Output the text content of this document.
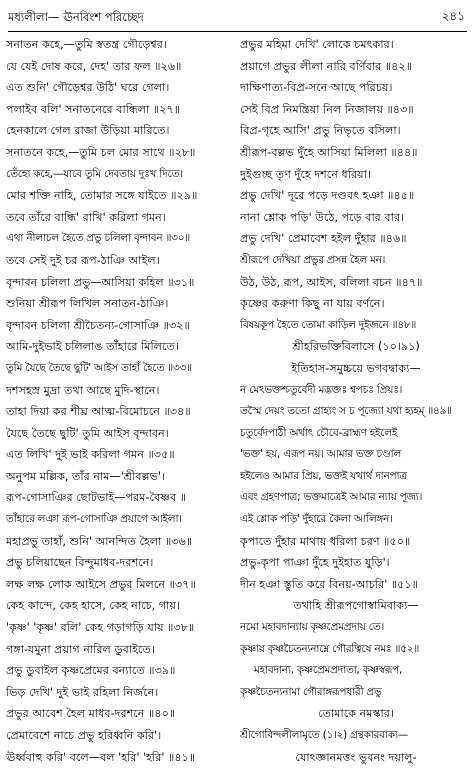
মধ্যলীলা— ঊনবিংশ পরিচ্ছেদ	২৪১
সনাতন কহে,—তুমি স্বতন্ত্র গৌড়েশ্বর।
যে যেই দোষ করে, দেহ' তার ফল ॥২৬॥
এত শুনি' গৌড়েশ্বর উঠি' ঘরে গেলা।
পলাইব বলি' সনাতনেরে বান্ধিলা ॥২৭॥
হেনকালে গেল রাজা উড়িয়া মারিতে।
সনাতনে কহে,—তুমি চল মোর সাথে ॥২৮॥
তেঁহো কহে,—যাবে তুমি দেবতায় দুঃখ দিতে।
মোর শক্তি নাহি, তোমার সঙ্গে যাইতে ॥২৯॥
তবে তাঁরে বান্ধি' রাখি' করিলা গমন।
এথা নীলাচল হৈতে প্রভু চলিলা বৃন্দাবন ॥৩০॥
তবে সেই দুই চর রূপ-ঠাঞি আইল।
বৃন্দাবন চলিলা প্রভু—আসিয়া কহিল ॥৩১॥
শুনিয়া শ্রীরূপ লিখিল সনাতন-ঠাঞি।
বৃন্দাবন চলিলা শ্রীচৈতন্য-গোসাঞি ॥৩২॥
আমি-দুইভাই চলিলাঙ তাঁহারে মিলিতে।
তুমি যৈছে তৈছে ছুটি' আইস তাহাঁ হৈতে ॥৩৩॥
দশসহস্র মুদ্রা তথা আছে মুদি-স্থানে।
তাহা দিয়া কর শীঘ্র আত্ম-বিমোচনে ॥৩৪॥
যৈছে তৈছে ছুটি' তুমি আইস বৃন্দাবন।
এত লিখি' দুই ভাই করিলা গমন ॥৩৫॥
অনুপম মল্লিক, তাঁর নাম—'শ্রীবল্লভ'।
রূপ-গোসাঞির ছোটভাই—পরম-বৈষ্ণব ॥
তাঁহারে লঞা রূপ-গোসাঞি প্রয়াগে আইলা।
মহাপ্রভু তাহাঁ, শুনি' আনন্দিত হৈলা ॥৩৬॥
প্রভু চলিয়াছেন বিন্দুমাধব-দরশনে।
লক্ষ লক্ষ লোক আইসে প্রভুর মিলনে ॥৩৭॥
কেহ কান্দে, কেহ হাসে, কেহ নাচে, গায়।
'কৃষ্ণ' 'কৃষ্ণ' বলি' কেহ গড়াগড়ি যায় ॥৩৮॥
গঙ্গা-যমুনা প্রয়াগ নারিল ডুবাইতে।
প্রভু ডুবাইল কৃষ্ণপ্রেমের বন্যাতে ॥৩৯॥
ভিড় দেখি' দুই ভাই রহিলা নির্জনে।
প্রভুর আবেশ হৈল মাধব-দরশনে ॥৪০॥
প্রেমাবেশে নাচে প্রভু হরিধ্বনি করি'।
ঊর্ধ্ববাহু করি' বলে—বল 'হরি' 'হরি' ॥৪১॥
প্রভুর মহিমা দেখি' লোকে চমৎকার।
প্রয়াগে প্রভুর লীলা নারি বর্ণিবার ॥৪২॥
দাক্ষিণাত্য-বিপ্র-সনে আছে পরিচয়।
সেই বিপ্র নিমন্ত্রিয়া নিল নিজালয় ॥৪৩॥
বিপ্র-গৃহে আসি' প্রভু নিভৃতে বসিলা।
শ্রীরূপ-বল্লভ দুঁহে আসিয়া মিলিলা ॥৪৪॥
দুইগুচ্ছ তৃণ দুঁহে দশনে ধরিয়া।
প্রভু দেখি' দূরে পড়ে দণ্ডবৎ হঞা ॥৪৫॥
নানা শ্লোক পড়ি' উঠে, পড়ে বার বার।
প্রভু দেখি' প্রেমাবেশ হইল দুঁহার ॥৪৬॥
শ্রীরূপে দেখিয়া প্রভুর প্রসন্ন হৈল মন।
উঠ, উঠ, রূপ, আইস, বলিলা বচন ॥৪৭॥
কৃষ্ণের করুণা কিছু না যায় বর্ণনে।
বিষয়কূপ হৈতে তোমা কাড়িল দুইজনে ॥৪৮॥
শ্রীহরিভক্তিবিলাসে (১০।৯১)
ইতিহাস-সমুচ্চয়ে ভগবদ্বাক্য—
ন মেঽভক্তশ্চতুর্বেদী মদ্ভক্তঃ শ্বপচঃ প্রিয়ঃ।
তস্মৈ দেয়ং ততো গ্রাহ্যং স চ পূজ্যো যথা হ্যহম্ ॥৪৯॥
চতুর্বেদপাঠী অর্থাৎ চৌবে-ব্রাহ্মণ হইলেই
'ভক্ত' হয়, এরূপ নয়। আমার ভক্ত চণ্ডাল
হইলেও আমার প্রিয়, ভক্তই যথার্থ দানপাত্র
এবং গ্রহণপাত্র; ভক্তমাত্রেই আমার ন্যায় পূজ্য।
এই শ্লোক পড়ি' দুঁহারে কৈলা আলিঙ্গন।
কৃপাতে দুঁহার মাথায় ধরিলা চরণ ॥৫০॥
প্রভু-কৃপা পাঞা দুঁহে দুইহাত যুড়ি'।
দীন হঞা স্তুতি করে বিনয়-আচরি' ॥৫১॥
তথাহি শ্রীরূপগোস্বামিবাক্য—
নমো মহাবদান্যায় কৃষ্ণপ্রেমপ্রদায় তে।
কৃষ্ণায় কৃষ্ণচৈতন্যনাম্নে গৌরত্বিষে নমঃ ॥৫২॥
মহাবদান্য, কৃষ্ণপ্রেমপ্রদাতা, কৃষ্ণস্বরূপ,
কৃষ্ণচৈতন্যনামা গৌরাঙ্গরূপধারী প্রভু
তোমাকে নমস্কার।
শ্রীগোবিন্দলীলামৃতে (১।২) গ্রন্থকারবাক্য—
যোঽজ্ঞানমত্তং ভুবনং দয়ালু-
